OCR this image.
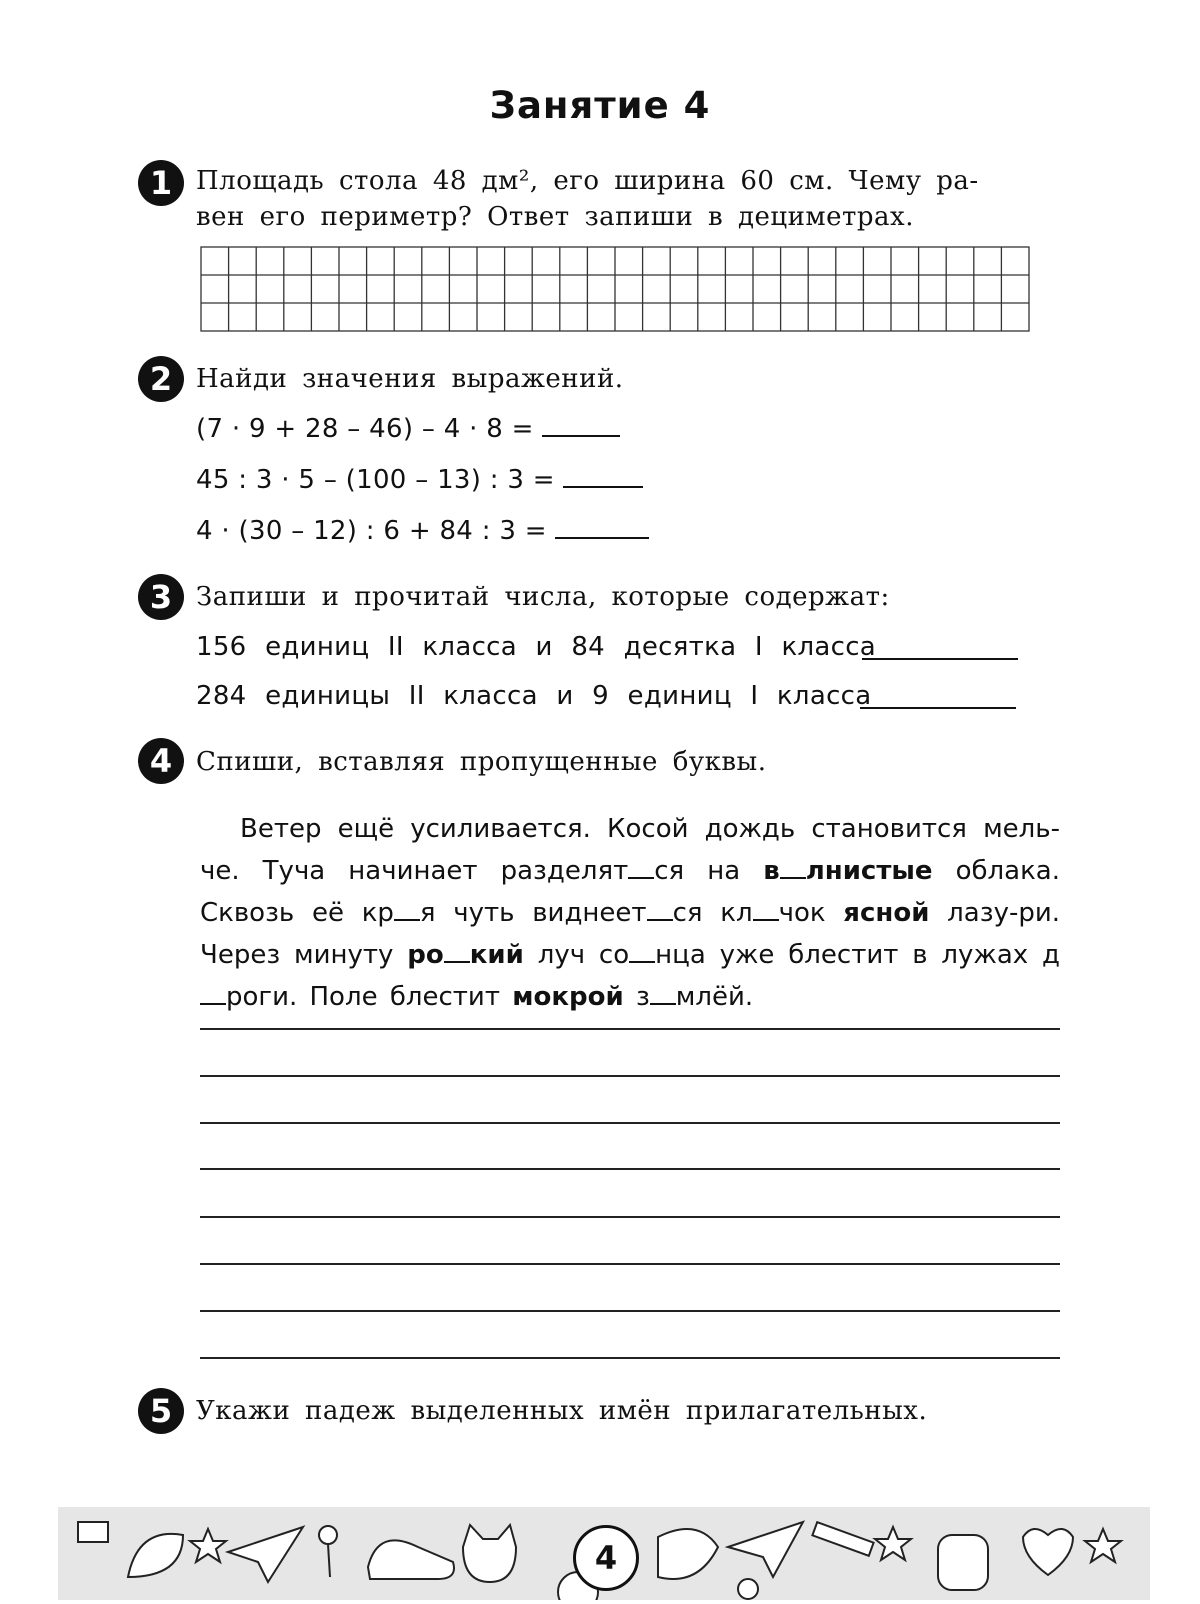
Занятие 4
1 Площадь стола 48 дм², его ширина 60 см. Чему ра-
вен его периметр? Ответ запиши в дециметрах.
2 Найди значения выражений.
(7 · 9 + 28 – 46) – 4 · 8 =
45 : 3 · 5 – (100 – 13) : 3 =
4 · (30 – 12) : 6 + 84 : 3 =
3 Запиши и прочитай числа, которые содержат:
156 единиц II класса и 84 десятка I класса
284 единицы II класса и 9 единиц I класса
4 Спиши, вставляя пропущенные буквы.

Ветер ещё усиливается. Косой дождь становится мель-че. Туча начинает разделят ся на в лнистые облака. Сквозь её кр я чуть виднеет ся кл чок ясной лазу-ри. Через минуту ро кий луч со нца уже блестит в лужах дроги. Поле блестит мокрой з млёй.

5 Укажи падеж выделенных имён прилагательных.
4
